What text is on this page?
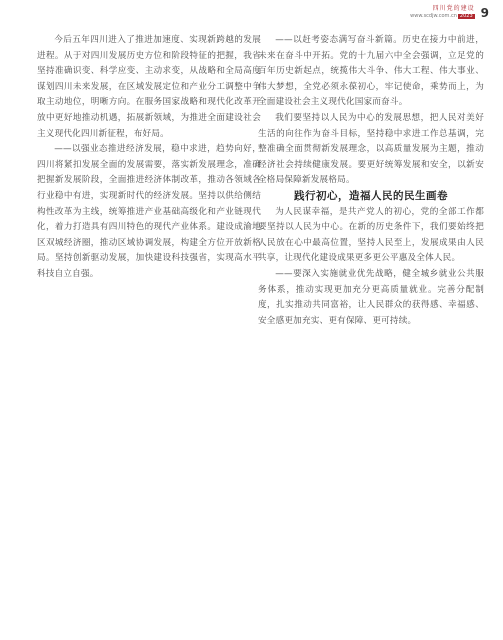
四川党的建设
www.scdjw.com.cn 2023 9

今后五年四川进入了推进加速度、实现新跨越的发展进程。从于对四川发展历史方位和阶段特征的把握，我省坚持准确识变、科学应变、主动求变，从战略和全局高度谋划四川未来发展，在区域发展定位和产业分工调整中争取主动地位，明晰方向。在服务国家战略和现代化改革开放中更好地推动机遇，拓展新领域，为推进全面建设社会主义现代化四川新征程，布好局。

——以强业态推进经济发展，稳中求进，趋势向好，四川将紧扣发展全面的发展需要，落实新发展理念，准确把握新发展阶段，全面推进经济体制改革，推动各领域各行业稳中有进，实现新时代的经济发展。坚持以供给侧结构性改革为主线，统筹推进产业基础高级化和产业链现代化，着力打造具有四川特色的现代产业体系。建设成渝地区双城经济圈，推动区域协调发展，构建全方位开放新格局。坚持创新驱动发展，加快建设科技强省，实现高水平科技自立自强。

——以赶考姿态满写奋斗新篇。历史在接力中前进，未来在奋斗中开拓。党的十九届六中全会强调，立足党的百年历史新起点，统揽伟大斗争、伟大工程、伟大事业、伟大梦想，全党必须永葆初心，牢记使命，乘势而上，为全面建设社会主义现代化国家而奋斗。

我们要坚持以人民为中心的发展思想，把人民对美好生活的向往作为奋斗目标，坚持稳中求进工作总基调，完整准确全面贯彻新发展理念，以高质量发展为主题，推动经济社会持续健康发展。要更好统筹发展和安全，以新安全格局保障新发展格局。

践行初心，造福人民的民生画卷

为人民谋幸福，是共产党人的初心，党的全部工作都要坚持以人民为中心。在新的历史条件下，我们要始终把人民放在心中最高位置，坚持人民至上，发展成果由人民共享，让现代化建设成果更多更公平惠及全体人民。

——要深入实施就业优先战略，健全城乡就业公共服务体系，推动实现更加充分更高质量就业。完善分配制度，扎实推动共同富裕，让人民群众的获得感、幸福感、安全感更加充实、更有保障、更可持续。
